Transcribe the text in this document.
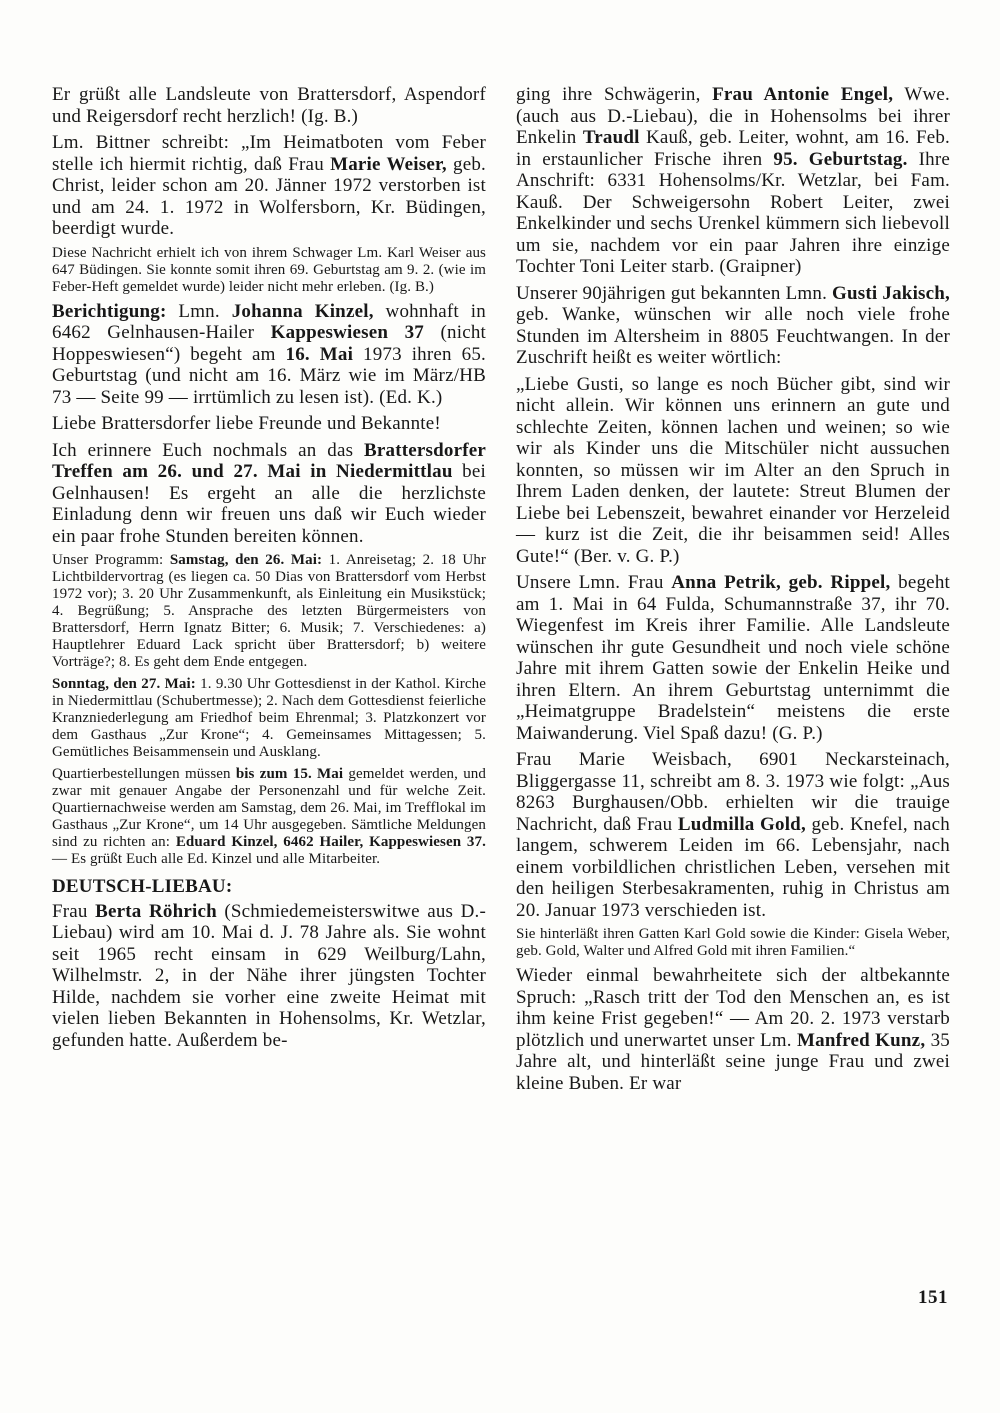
Er grüßt alle Landsleute von Brattersdorf, Aspendorf und Reigersdorf recht herzlich! (Ig. B.)

Lm. Bittner schreibt: „Im Heimatboten vom Feber stelle ich hiermit richtig, daß Frau Marie Weiser, geb. Christ, leider schon am 20. Jänner 1972 verstorben ist und am 24. 1. 1972 in Wolfersborn, Kr. Büdingen, beerdigt wurde.

Diese Nachricht erhielt ich von ihrem Schwager Lm. Karl Weiser aus 647 Büdingen. Sie konnte somit ihren 69. Geburtstag am 9. 2. (wie im Feber-Heft gemeldet wurde) leider nicht mehr erleben. (Ig. B.)

Berichtigung: Lmn. Johanna Kinzel, wohnhaft in 6462 Gelnhausen-Hailer Kappeswiesen 37 (nicht Hoppeswiesen“) begeht am 16. Mai 1973 ihren 65. Geburtstag (und nicht am 16. März wie im März/HB 73 — Seite 99 — irrtümlich zu lesen ist). (Ed. K.)

Liebe Brattersdorfer liebe Freunde und Bekannte!

Ich erinnere Euch nochmals an das Brattersdorfer Treffen am 26. und 27. Mai in Niedermittlau bei Gelnhausen! Es ergeht an alle die herzlichste Einladung denn wir freuen uns daß wir Euch wieder ein paar frohe Stunden bereiten können.

Unser Programm: Samstag, den 26. Mai: 1. Anreisetag; 2. 18 Uhr Lichtbildervortrag (es liegen ca. 50 Dias von Brattersdorf vom Herbst 1972 vor); 3. 20 Uhr Zusammenkunft, als Einleitung ein Musikstück; 4. Begrüßung; 5. Ansprache des letzten Bürgermeisters von Brattersdorf, Herrn Ignatz Bitter; 6. Musik; 7. Verschiedenes: a) Hauptlehrer Eduard Lack spricht über Brattersdorf; b) weitere Vorträge?; 8. Es geht dem Ende entgegen.

Sonntag, den 27. Mai: 1. 9.30 Uhr Gottesdienst in der Kathol. Kirche in Niedermittlau (Schubertmesse); 2. Nach dem Gottesdienst feierliche Kranzniederlegung am Friedhof beim Ehrenmal; 3. Platzkonzert vor dem Gasthaus „Zur Krone“; 4. Gemeinsames Mittagessen; 5. Gemütliches Beisammensein und Ausklang.

Quartierbestellungen müssen bis zum 15. Mai gemeldet werden, und zwar mit genauer Angabe der Personenzahl und für welche Zeit. Quartiernachweise werden am Samstag, dem 26. Mai, im Trefflokal im Gasthaus „Zur Krone“, um 14 Uhr ausgegeben. Sämtliche Meldungen sind zu richten an: Eduard Kinzel, 6462 Hailer, Kappeswiesen 37. — Es grüßt Euch alle Ed. Kinzel und alle Mitarbeiter.

DEUTSCH-LIEBAU:

Frau Berta Röhrich (Schmiedemeisterswitwe aus D.-Liebau) wird am 10. Mai d. J. 78 Jahre als. Sie wohnt seit 1965 recht einsam in 629 Weilburg/Lahn, Wilhelmstr. 2, in der Nähe ihrer jüngsten Tochter Hilde, nachdem sie vorher eine zweite Heimat mit vielen lieben Bekannten in Hohensolms, Kr. Wetzlar, gefunden hatte. Außerdem be-

ging ihre Schwägerin, Frau Antonie Engel, Wwe. (auch aus D.-Liebau), die in Hohensolms bei ihrer Enkelin Traudl Kauß, geb. Leiter, wohnt, am 16. Feb. in erstaunlicher Frische ihren 95. Geburtstag. Ihre Anschrift: 6331 Hohensolms/Kr. Wetzlar, bei Fam. Kauß. Der Schweigersohn Robert Leiter, zwei Enkelkinder und sechs Urenkel kümmern sich liebevoll um sie, nachdem vor ein paar Jahren ihre einzige Tochter Toni Leiter starb. (Graipner)

Unserer 90jährigen gut bekannten Lmn. Gusti Jakisch, geb. Wanke, wünschen wir alle noch viele frohe Stunden im Altersheim in 8805 Feuchtwangen. In der Zuschrift heißt es weiter wörtlich:

„Liebe Gusti, so lange es noch Bücher gibt, sind wir nicht allein. Wir können uns erinnern an gute und schlechte Zeiten, können lachen und weinen; so wie wir als Kinder uns die Mitschüler nicht aussuchen konnten, so müssen wir im Alter an den Spruch in Ihrem Laden denken, der lautete: Streut Blumen der Liebe bei Lebenszeit, bewahret einander vor Herzeleid — kurz ist die Zeit, die ihr beisammen seid! Alles Gute!“ (Ber. v. G. P.)

Unsere Lmn. Frau Anna Petrik, geb. Rippel, begeht am 1. Mai in 64 Fulda, Schumannstraße 37, ihr 70. Wiegenfest im Kreis ihrer Familie. Alle Landsleute wünschen ihr gute Gesundheit und noch viele schöne Jahre mit ihrem Gatten sowie der Enkelin Heike und ihren Eltern. An ihrem Geburtstag unternimmt die „Heimatgruppe Bradelstein“ meistens die erste Maiwanderung. Viel Spaß dazu! (G. P.)

Frau Marie Weisbach, 6901 Neckarsteinach, Bliggergasse 11, schreibt am 8. 3. 1973 wie folgt: „Aus 8263 Burghausen/Obb. erhielten wir die trauige Nachricht, daß Frau Ludmilla Gold, geb. Knefel, nach langem, schwerem Leiden im 66. Lebensjahr, nach einem vorbildlichen christlichen Leben, versehen mit den heiligen Sterbesakramenten, ruhig in Christus am 20. Januar 1973 verschieden ist.

Sie hinterläßt ihren Gatten Karl Gold sowie die Kinder: Gisela Weber, geb. Gold, Walter und Alfred Gold mit ihren Familien.“

Wieder einmal bewahrheitete sich der altbekannte Spruch: „Rasch tritt der Tod den Menschen an, es ist ihm keine Frist gegeben!“ — Am 20. 2. 1973 verstarb plötzlich und unerwartet unser Lm. Manfred Kunz, 35 Jahre alt, und hinterläßt seine junge Frau und zwei kleine Buben. Er war

151
